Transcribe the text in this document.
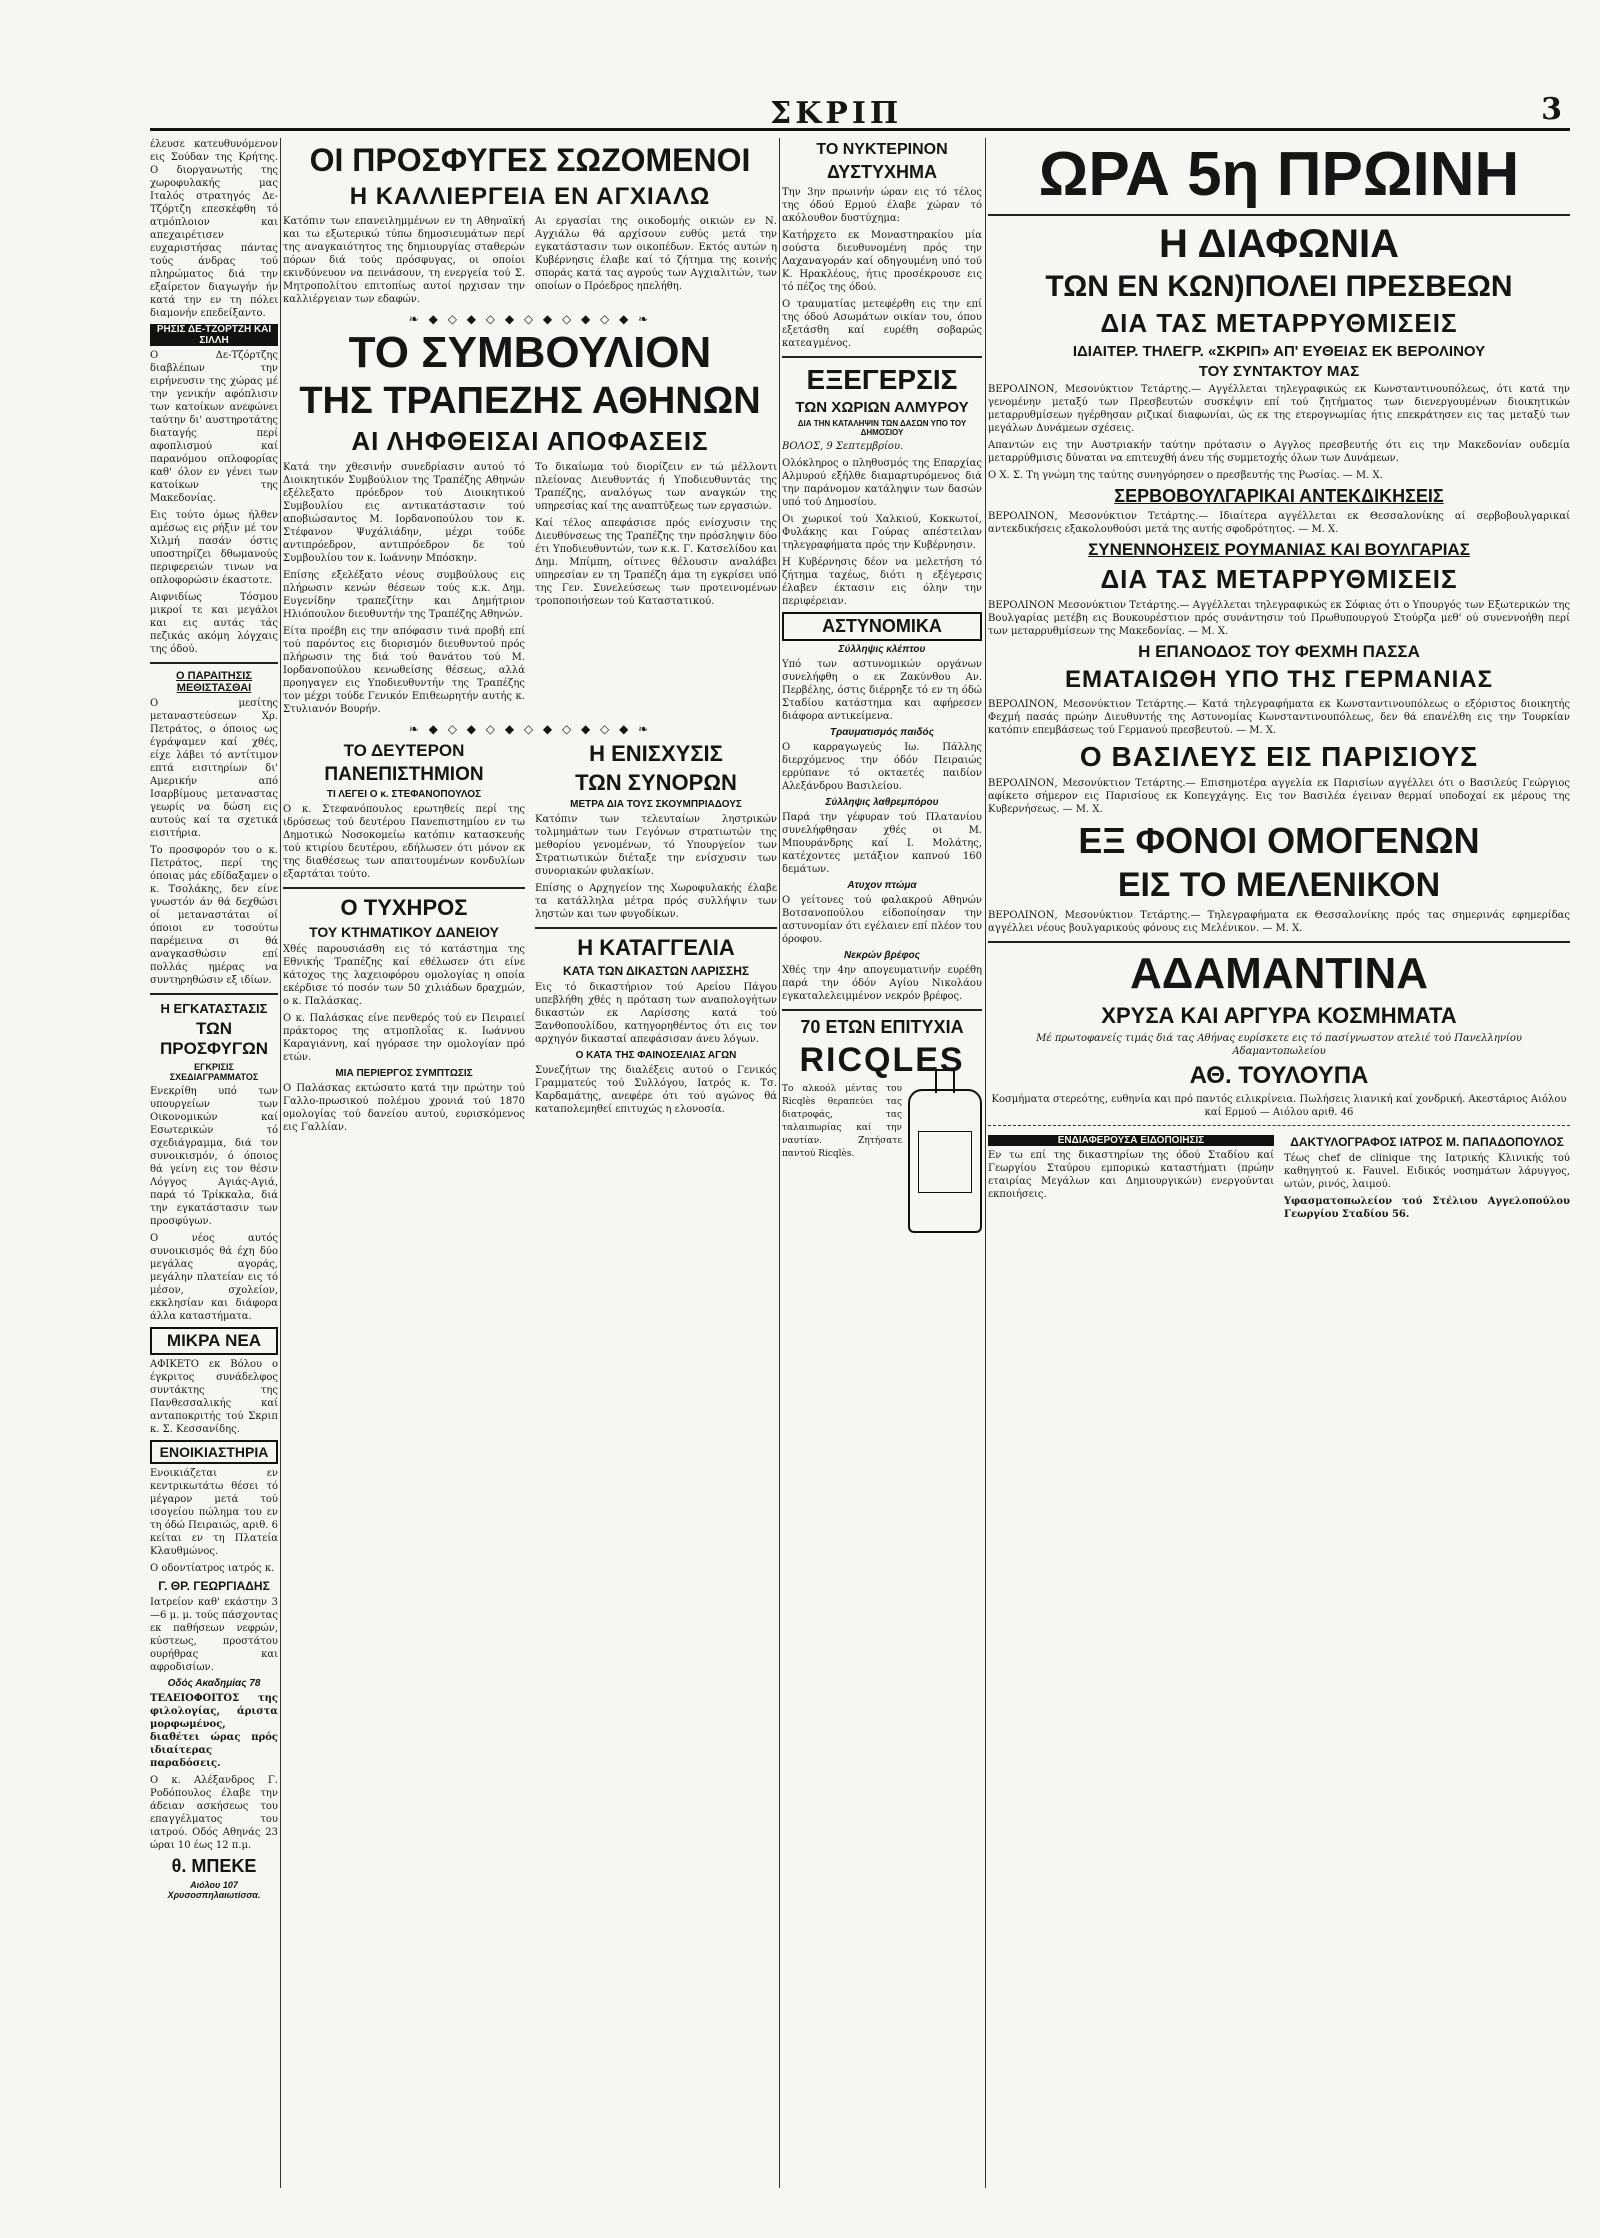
ΣΚΡΙΠ	3

έλευσε κατευθυνόμενον εις Σούδαν της Κρήτης. Ο διοργανωτής της χωροφυλακής μας Ιταλός στρατηγός Δε-Τζόρτζη επεσκέφθη τό ατμόπλοιον και απεχαιρέτισεν ευχαριστήσας πάντας τούς άνδρας τού πληρώματος διά την εξαίρετον διαγωγήν ήν κατά την εν τη πόλει διαμονήν επεδείξαντο.

ΡΗΣΙΣ ΔΕ-ΤΖΟΡΤΖΗ ΚΑΙ ΣΙΛΛΗ

Ο Δε-Τζόρτζης διαβλέπων την ειρήνευσιν της χώρας μέ την γενικήν αφόπλισιν των κατοίκων ανεφώνει ταύτην δι' αυστηροτάτης διαταγής περί αφοπλισμού καί παρανόμου οπλοφορίας καθ' όλον εν γένει των κατοίκων της Μακεδονίας.

Εις τούτο όμως ήλθεν αμέσως εις ρήξιν μέ τον Χιλμή πασάν όστις υποστηρίζει δθωμανούς περιφερειών τινων να οπλοφορώσιν έκαστοτε.

Αιφνιδίως Τόσμου μικροί τε και μεγάλοι και εις αυτάς τάς πεζικάς ακόμη λόγχαις της όδού.

Ο ΠΑΡΑΙΤΗΣΙΣ ΜΕΘΙΣΤΑΣΘΑΙ

Ο μεσίτης μεταναστεύσεων Χρ. Πετράτος, ο όποιος ως έγράψαμεν καί χθές, είχε λάβει τό αντίτιμον επτά εισιτηρίων δι' Αμερικήν από Ισαρβίμους μεταναστας γεωρίς να δώση εις αυτούς καί τα σχετικά εισιτήρια.

Το προσφορόν του ο κ. Πετράτος, περί της όποιας μάς εδίδαξαμεν ο κ. Τσολάκης, δεν είνε γνωστόν άν θά δεχθώσι οί μεταναστάται οί όποιοι εν τοσούτω παρέμεινα σι θά αναγκασθώσιν επί πολλάς ημέρας να συντηρηθώσιν εξ ιδίων.

Η ΕΓΚΑΤΑΣΤΑΣΙΣ
ΤΩΝ ΠΡΟΣΦΥΓΩΝ
ΕΓΚΡΙΣΙΣ ΣΧΕΔΙΑΓΡΑΜΜΑΤΟΣ

Ενεκρίθη υπό των υπουργείων των Οικονομικών καί Εσωτερικών τό σχεδιάγραμμα, διά τον συνοικισμόν, ό όποιος θά γείνη εις τον θέσιν Λόγγος Αγιάς-Αγιά, παρά τό Τρίκκαλα, διά την εγκατάστασιν των προσφύγων.

Ο νέος αυτός συνοικισμός θά έχη δύο μεγάλας αγοράς, μεγάλην πλατείαν εις τό μέσον, σχολείον, εκκλησίαν και διάφορα άλλα καταστήματα.

ΜΙΚΡΑ ΝΕΑ

ΑΦΙΚΕΤΟ εκ Βόλου ο έγκριτος συνάδελφος συντάκτης της Πανθεσσαλικής καί ανταποκριτής τού Σκριπ κ. Σ. Κεσσανίδης.

ΕΝΟΙΚΙΑΣΤΗΡΙΑ

Ενοικιάζεται εν κεντρικωτάτω θέσει τό μέγαρον μετά τού ισογείου πώλημα του εν τη όδώ Πειραιώς, αριθ. 6 κείται εν τη Πλατεία Κλαυθμώνος.

Ο οδοντίατρος ιατρός κ.

Γ. ΘΡ. ΓΕΩΡΓΙΑΔΗΣ

Ιατρείον καθ' εκάστην 3—6 μ. μ. τούς πάσχοντας εκ παθήσεων νεφρών, κύστεως, προστάτου ουρήθρας και αφροδισίων.

Οδός Ακαδημίας 78

ΤΕΛΕΙΟΦΟΙΤΟΣ της φιλολογίας, άριστα μορφωμένος, διαθέτει ώρας πρός ιδιαίτερας παραδόσεις.

Ο κ. Αλέξανδρος Γ. Ροδόπουλος έλαβε την άδειαν ασκήσεως του επαγγέλματος του ιατρού. Οδός Αθηνάς 23 ώραι 10 έως 12 π.μ.

θ. ΜΠΕΚΕ
Αιόλου 107 Χρυσοσπηλαιωτίσσα.
ΟΙ ΠΡΟΣΦΥΓΕΣ ΣΩΖΟΜΕΝΟΙ
Η ΚΑΛΛΙΕΡΓΕΙΑ ΕΝ ΑΓΧΙΑΛΩ

Κατόπιν των επανειλημμένων εν τη Αθηναϊκή και τω εξωτερικώ τύπω δημοσιευμάτων περί της αναγκαιότητος της δημιουργίας σταθερών πόρων διά τούς πρόσφυγας, οι οποίοι εκινδύνευον να πεινάσουν, τη ενεργεία τού Σ. Μητροπολίτου επιτοπίως αυτοί ηρχισαν την καλλιέργειαν των εδαφών.

Αι εργασίαι της οικοδομής οικιών εν Ν. Αγχιάλω θά αρχίσουν ευθύς μετά την εγκατάστασιν των οικοπέδων. Εκτός αυτών η Κυβέρνησις έλαβε καί τό ζήτημα της κοινής σποράς κατά τας αγρούς των Αγχιαλιτών, των οποίων ο Πρόεδρος ηπελήθη.

❧ ◆ ◇ ◆ ◇ ◆ ◇ ◆ ◇ ◆ ◇ ◆ ❧
ΤΟ ΣΥΜΒΟΥΛΙΟΝ
ΤΗΣ ΤΡΑΠΕΖΗΣ ΑΘΗΝΩΝ
ΑΙ ΛΗΦΘΕΙΣΑΙ ΑΠΟΦΑΣΕΙΣ

Κατά την χθεσινήν συνεδρίασιν αυτού τό Διοικητικόν Συμβούλιον της Τραπέζης Αθηνών εξέλεξατο πρόεδρον τού Διοικητικού Συμβουλίου εις αντικατάστασιν τού αποβιώσαντος Μ. Ιορδανοπούλου τον κ. Στέφανον Ψυχάλιάδην, μέχρι τούδε αντιπρόεδρον, αντιπρόεδρον δε τού Συμβουλίου τον κ. Ιωάννην Μπόσκην.

Επίσης εξελέξατο νέους συμβούλους εις πλήρωσιν κενών θέσεων τούς κ.κ. Δημ. Ευγενίδην τραπεζίτην και Δημήτριον Ηλιόπουλον διευθυντήν της Τραπέζης Αθηνών.

Είτα προέβη εις την απόφασιν τινά προβή επί τού παρόντος εις διορισμόν διευθυντού πρός πλήρωσιν της διά τού θανάτου τού Μ. Ιορδανοπούλου κενωθείσης θέσεως, αλλά προηγαγεν εις Υποδιευθυντήν της Τραπέζης τον μέχρι τούδε Γενικόν Επιθεωρητήν αυτής κ. Στυλιανόν Βουρήν.

Το δικαίωμα τού διορίζειν εν τώ μέλλοντι πλείονας Διευθυντάς ή Υποδιευθυντάς της Τραπέζης, αναλόγως των αναγκών της υπηρεσίας καί της αναπτύξεως των εργασιών.

Καί τέλος απεφάσισε πρός ενίσχυσιν της Διευθύνσεως της Τραπέζης την πρόσληψιν δύο έτι Υποδιευθυντών, των κ.κ. Γ. Κατσελίδου και Δημ. Μπίμπη, οίτινες θέλουσιν αναλάβει υπηρεσίαν εν τη Τραπέζη άμα τη εγκρίσει υπό της Γεν. Συνελεύσεως των προτεινομένων τροποποιήσεων τού Καταστατικού.

❧ ◆ ◇ ◆ ◇ ◆ ◇ ◆ ◇ ◆ ◇ ◆ ❧
ΤΟ ΔΕΥΤΕΡΟΝ
ΠΑΝΕΠΙΣΤΗΜΙΟΝ
ΤΙ ΛΕΓΕΙ Ο κ. ΣΤΕΦΑΝΟΠΟΥΛΟΣ

Ο κ. Στεφανόπουλος ερωτηθείς περί της ιδρύσεως τού δευτέρου Πανεπιστημίου εν τω Δημοτικώ Νοσοκομείω κατόπιν κατασκευής τού κτιρίου δευτέρου, εδήλωσεν ότι μόνον εκ της διαθέσεως των απαιτουμένων κονδυλίων εξαρτάται τούτο.

Ο ΤΥΧΗΡΟΣ
ΤΟΥ ΚΤΗΜΑΤΙΚΟΥ ΔΑΝΕΙΟΥ

Χθές παρουσιάσθη εις τό κατάστημα της Εθνικής Τραπέζης καί εθέλωσεν ότι είνε κάτοχος της λαχειοφόρου ομολογίας η οποία εκέρδισε τό ποσόν των 50 χιλιάδων δραχμών, ο κ. Παλάσκας.

Ο κ. Παλάσκας είνε πενθερός τού εν Πειραιεί πράκτορος της ατμοπλοΐας κ. Ιωάννου Καραγιάννη, καί ηγόρασε την ομολογίαν πρό ετών.

ΜΙΑ ΠΕΡΙΕΡΓΟΣ ΣΥΜΠΤΩΣΙΣ

Ο Παλάσκας εκτώσατο κατά την πρώτην τού Γαλλο-πρωσικού πολέμου χρονιά τού 1870 ομολογίας τού δανείου αυτού, ευρισκόμενος εις Γαλλίαν.

Η ΕΝΙΣΧΥΣΙΣ
ΤΩΝ ΣΥΝΟΡΩΝ
ΜΕΤΡΑ ΔΙΑ ΤΟΥΣ ΣΚΟΥΜΠΡΙΑΔΟΥΣ

Κατόπιν των τελευταίων ληστρικών τολμημάτων των Γεγόνων στρατιωτών της μεθορίου γενομένων, τό Υπουργείον των Στρατιωτικών διέταξε την ενίσχυσιν των συνοριακών φυλακίων.

Επίσης ο Αρχηγείον της Χωροφυλακής έλαβε τα κατάλληλα μέτρα πρός συλλήψιν των ληστών και των φυγοδίκων.

Η ΚΑΤΑΓΓΕΛΙΑ
ΚΑΤΑ ΤΩΝ ΔΙΚΑΣΤΩΝ ΛΑΡΙΣΣΗΣ

Εις τό δικαστήριον τού Αρείου Πάγου υπεβλήθη χθές η πρόταση των αναπολογήτων δικαστών εκ Λαρίσσης κατά τού Ξανθοπουλίδου, κατηγορηθέντος ότι εις τον αρχηγόν δικασταί απεφάσισαν άνευ λόγων.

Ο ΚΑΤΑ ΤΗΣ ΦΑΙΝΟΣΕΛΙΑΣ ΑΓΩΝ

Συνεζήτων της διαλέξεις αυτού ο Γενικός Γραμματεύς τού Συλλόγου, Ιατρός κ. Τσ. Καρδαμάτης, ανεφέρε ότι τού αγώνος θά καταπολεμηθεί επιτυχώς η ελονοσία.

ΤΟ ΝΥΚΤΕΡΙΝΟΝ
ΔΥΣΤΥΧΗΜΑ

Την 3ην πρωινήν ώραν εις τό τέλος της όδού Ερμού έλαβε χώραν τό ακόλουθον δυστύχημα:

Κατήρχετο εκ Μοναστηρακίου μία σούστα διευθυνομένη πρός την Λαχαναγοράν καί οδηγουμένη υπό τού Κ. Ηρακλέους, ήτις προσέκρουσε εις τό πέζος της όδού.

Ο τραυματίας μετεφέρθη εις την επί της όδού Ασωμάτων οικίαν του, όπου εξετάσθη καί ευρέθη σοβαρώς κατεαγμένος.

ΕΞΕΓΕΡΣΙΣ
ΤΩΝ ΧΩΡΙΩΝ ΑΛΜΥΡΟΥ
ΔΙΑ ΤΗΝ ΚΑΤΑΛΗΨΙΝ ΤΩΝ ΔΑΣΩΝ ΥΠΟ ΤΟΥ ΔΗΜΟΣΙΟΥ

ΒΟΛΟΣ, 9 Σεπτεμβρίου.

Ολόκληρος ο πληθυσμός της Επαρχίας Αλμυρού εξήλθε διαμαρτυρόμενος διά την παράνομον κατάληψιν των δασών υπό τού Δημοσίου.

Οι χωρικοί τού Χαλκιού, Κοκκωτοί, Φυλάκης και Γούρας απέστειλαν τηλεγραφήματα πρός την Κυβέρνησιν.

Η Κυβέρνησις δέον να μελετήση τό ζήτημα ταχέως, διότι η εξέγερσις έλαβεν έκτασιν εις όλην την περιφέρειαν.

ΑΣΤΥΝΟΜΙΚΑ
Σύλληψις κλέπτου

Υπό των αστυνομικών οργάνων συνελήφθη ο εκ Ζακύνθου Αν. Περβέλης, όστις διέρρηξε τό εν τη όδώ Σταδίου κατάστημα και αφήρεσεν διάφορα αντικείμενα.

Τραυματισμός παιδός

Ο καρραγωγεύς Ιω. Πάλλης διερχόμενος την όδόν Πειραιώς ερρύπανε τό οκταετές παιδίον Αλεξάνδρου Βασιλείου.

Σύλληψις λαθρεμπόρου

Παρά την γέφυραν τού Πλατανίου συνελήφθησαν χθές οι Μ. Μπουράνδρης καί Ι. Μολάτης, κατέχοντες μετάξιον καπνού 160 δεμάτων.

Ατυχον πτώμα

Ο γείτονες τού φαλακρού Αθηνών Βοτσανοπούλου είδοποίησαν την αστυνομίαν ότι εγέλαιεν επί πλέον του όροφου.

Νεκρών βρέφος

Χθές την 4ην απογευματινήν ευρέθη παρά την όδόν Αγίου Νικολάου εγκαταλελειμμένον νεκρόν βρέφος.

70 ΕΤΩΝ ΕΠΙΤΥΧΙΑ
RICQLES

Το αλκοόλ μέντας του Ricqlès θεραπεύει τας διατροφάς, τας ταλαιπωρίας καί την ναυτίαν. Ζητήσατε παντού Ricqlès.

ΩΡΑ 5η ΠΡΩΙΝΗ
Η ΔΙΑΦΩΝΙΑ
ΤΩΝ ΕΝ ΚΩΝ)ΠΟΛΕΙ ΠΡΕΣΒΕΩΝ
ΔΙΑ ΤΑΣ ΜΕΤΑΡΡΥΘΜΙΣΕΙΣ
ΙΔΙΑΙΤΕΡ. ΤΗΛΕΓΡ. «ΣΚΡΙΠ» ΑΠ' ΕΥΘΕΙΑΣ ΕΚ ΒΕΡΟΛΙΝΟΥ
ΤΟΥ ΣΥΝΤΑΚΤΟΥ ΜΑΣ

ΒΕΡΟΛΙΝΟΝ, Μεσονύκτιον Τετάρτης.— Αγγέλλεται τηλεγραφικώς εκ Κωνσταντινουπόλεως, ότι κατά την γενομένην μεταξύ των Πρεσβευτών συσκέψιν επί τού ζητήματος των διενεργουμένων διοικητικών μεταρρυθμίσεων ηγέρθησαν ριζικαί διαφωνίαι, ώς εκ της ετερογνωμίας ήτις επεκράτησεν εις τας μεταξύ των μεγάλων Δυνάμεων σχέσεις.

Απαντών εις την Αυστριακήν ταύτην πρότασιν ο Αγγλος πρεσβευτής ότι εις την Μακεδονίαν ουδεμία μεταρρύθμισις δύναται να επιτευχθή άνευ τής συμμετοχής όλων των Δυνάμεων.

Ο Χ. Σ. Τη γνώμη της ταύτης συνηγόρησεν ο πρεσβευτής της Ρωσίας. — Μ. Χ.

ΣΕΡΒΟΒΟΥΛΓΑΡΙΚΑΙ ΑΝΤΕΚΔΙΚΗΣΕΙΣ

ΒΕΡΟΛΙΝΟΝ, Μεσονύκτιον Τετάρτης.— Ιδιαίτερα αγγέλλεται εκ Θεσσαλονίκης αί σερβοβουλγαρικαί αντεκδικήσεις εξακολουθούσι μετά της αυτής σφοδρότητος. — Μ. Χ.

ΣΥΝΕΝΝΟΗΣΕΙΣ ΡΟΥΜΑΝΙΑΣ ΚΑΙ ΒΟΥΛΓΑΡΙΑΣ
ΔΙΑ ΤΑΣ ΜΕΤΑΡΡΥΘΜΙΣΕΙΣ

ΒΕΡΟΛΙΝΟΝ Μεσονύκτιον Τετάρτης.— Αγγέλλεται τηλεγραφικώς εκ Σόφιας ότι ο Υπουργός των Εξωτερικών της Βουλγαρίας μετέβη εις Βουκουρέστιον πρός συνάντησιν τού Πρωθυπουργού Στούρζα μεθ' ού συνεννοήθη περί των μεταρρυθμίσεων της Μακεδονίας. — Μ. Χ.

Η ΕΠΑΝΟΔΟΣ ΤΟΥ ΦΕΧΜΗ ΠΑΣΣΑ
ΕΜΑΤΑΙΩΘΗ ΥΠΟ ΤΗΣ ΓΕΡΜΑΝΙΑΣ

ΒΕΡΟΛΙΝΟΝ, Μεσονύκτιον Τετάρτης.— Κατά τηλεγραφήματα εκ Κωνσταντινουπόλεως ο εξόριστος διοικητής Φεχμή πασάς πρώην Διευθυντής της Αστυνομίας Κωνσταντινουπόλεως, δεν θά επανέλθη εις την Τουρκίαν κατόπιν επεμβάσεως τού Γερμανού πρεσβευτού. — Μ. Χ.

Ο ΒΑΣΙΛΕΥΣ ΕΙΣ ΠΑΡΙΣΙΟΥΣ

ΒΕΡΟΛΙΝΟΝ, Μεσονύκτιον Τετάρτης.— Επισημοτέρα αγγελία εκ Παρισίων αγγέλλει ότι ο Βασιλεύς Γεώργιος αφίκετο σήμερον εις Παρισίους εκ Κοπεγχάγης. Εις τον Βασιλέα έγειναν θερμαί υποδοχαί εκ μέρους της Κυβερνήσεως. — Μ. Χ.

ΕΞ ΦΟΝΟΙ ΟΜΟΓΕΝΩΝ
ΕΙΣ ΤΟ ΜΕΛΕΝΙΚΟΝ

ΒΕΡΟΛΙΝΟΝ, Μεσονύκτιον Τετάρτης.— Τηλεγραφήματα εκ Θεσσαλονίκης πρός τας σημερινάς εφημερίδας αγγέλλει νέους βουλγαρικούς φόνους εις Μελένικον. — Μ. Χ.

ΑΔΑΜΑΝΤΙΝΑ
ΧΡΥΣΑ ΚΑΙ ΑΡΓΥΡΑ ΚΟΣΜΗΜΑΤΑ

Μέ πρωτοφανείς τιμάς διά τας Αθήνας ευρίσκετε εις τό πασίγνωστον ατελιέ τού Πανελληνίου Αδαμαντοπωλείου

ΑΘ. ΤΟΥΛΟΥΠΑ

Κοσμήματα στερεότης, ευθηνία και πρό παντός ειλικρίνεια. Πωλήσεις λιανική καί χονδρική. Ακεστάριος Αιόλου καί Ερμού — Αιόλου αριθ. 46

ΕΝΔΙΑΦΕΡΟΥΣΑ ΕΙΔΟΠΟΙΗΣΙΣ

Εν τω επί της δικαστηρίων της όδού Σταδίου καί Γεωργίου Σταύρου εμπορικώ καταστήματι (πρώην εταιρίας Μεγάλων και Δημιουργικών) ενεργούνται εκποιήσεις.

ΔΑΚΤΥΛΟΓΡΑΦΟΣ ΙΑΤΡΟΣ Μ. ΠΑΠΑΔΟΠΟΥΛΟΣ

Τέως chef de clinique της Ιατρικής Κλινικής τού καθηγητού κ. Fauvel. Ειδικός νοσημάτων λάρυγγος, ωτών, ρινός, λαιμού.

Υφασματοπωλείον τού Στέλιου Αγγελοπούλου Γεωργίου Σταδίου 56.
